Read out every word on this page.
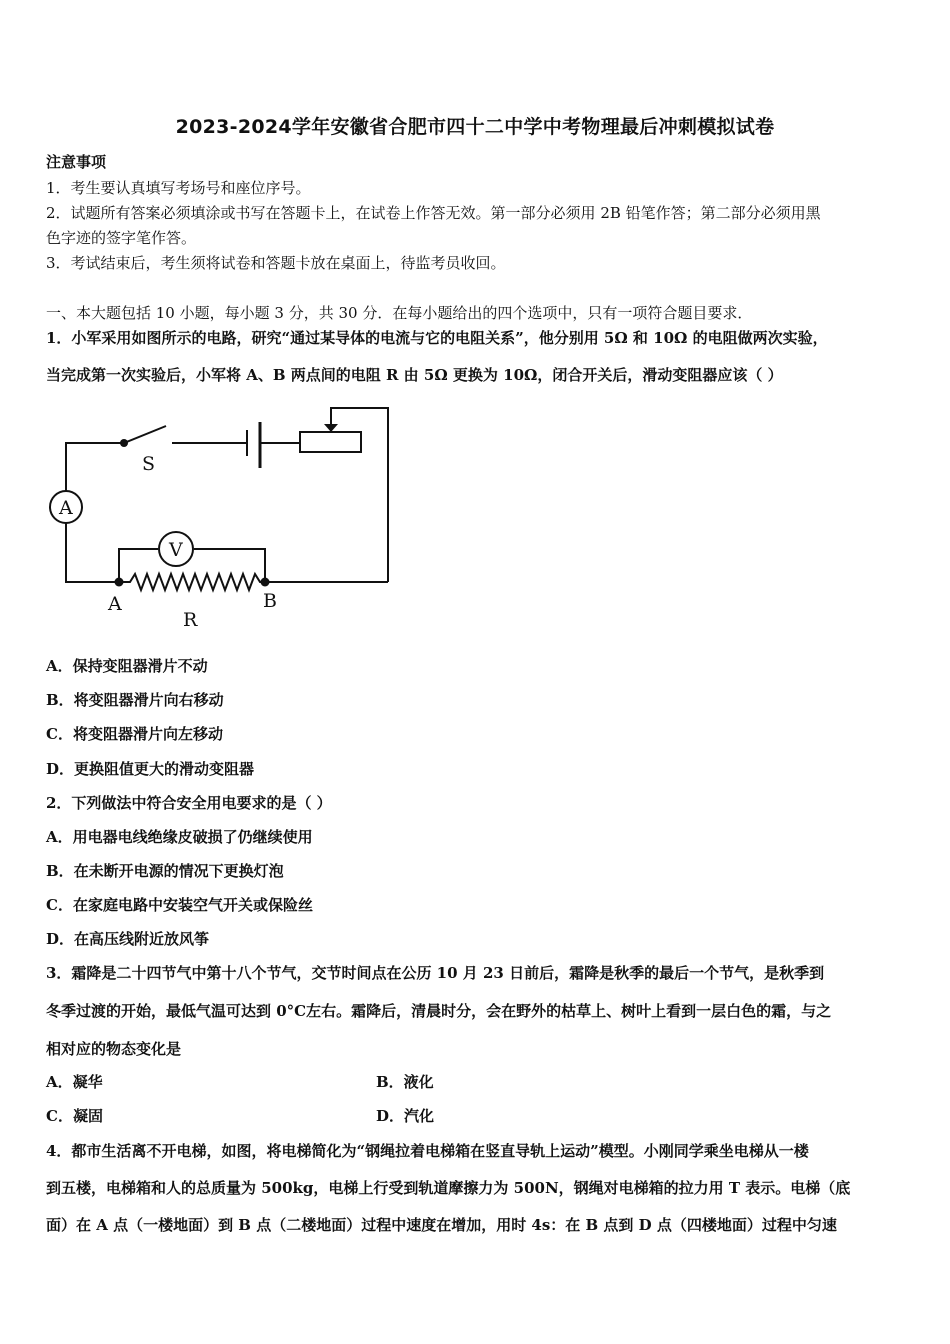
2023-2024学年安徽省合肥市四十二中学中考物理最后冲刺模拟试卷
注意事项
1．考生要认真填写考场号和座位序号。
2．试题所有答案必须填涂或书写在答题卡上，在试卷上作答无效。第一部分必须用 2B 铅笔作答；第二部分必须用黑
色字迹的签字笔作答。
3．考试结束后，考生须将试卷和答题卡放在桌面上，待监考员收回。
一、本大题包括 10 小题，每小题 3 分，共 30 分．在每小题给出的四个选项中，只有一项符合题目要求．
1．小军采用如图所示的电路，研究“通过某导体的电流与它的电阻关系”，他分别用 5Ω 和 10Ω 的电阻做两次实验，
当完成第一次实验后，小军将 A、B 两点间的电阻 R 由 5Ω 更换为 10Ω，闭合开关后，滑动变阻器应该（ ）
S
A
V
A	B
R
A．保持变阻器滑片不动
B．将变阻器滑片向右移动
C．将变阻器滑片向左移动
D．更换阻值更大的滑动变阻器
2．下列做法中符合安全用电要求的是（ ）
A．用电器电线绝缘皮破损了仍继续使用
B．在未断开电源的情况下更换灯泡
C．在家庭电路中安装空气开关或保险丝
D．在高压线附近放风筝
3．霜降是二十四节气中第十八个节气，交节时间点在公历 10 月 23 日前后，霜降是秋季的最后一个节气，是秋季到
冬季过渡的开始，最低气温可达到 0°C左右。霜降后，清晨时分，会在野外的枯草上、树叶上看到一层白色的霜，与之
相对应的物态变化是
A．凝华	B．液化
C．凝固	D．汽化
4．都市生活离不开电梯，如图，将电梯简化为“钢绳拉着电梯箱在竖直导轨上运动”模型。小刚同学乘坐电梯从一楼
到五楼，电梯箱和人的总质量为 500kg，电梯上行受到轨道摩擦力为 500N，钢绳对电梯箱的拉力用 T 表示。电梯（底
面）在 A 点（一楼地面）到 B 点（二楼地面）过程中速度在增加，用时 4s：在 B 点到 D 点（四楼地面）过程中匀速
